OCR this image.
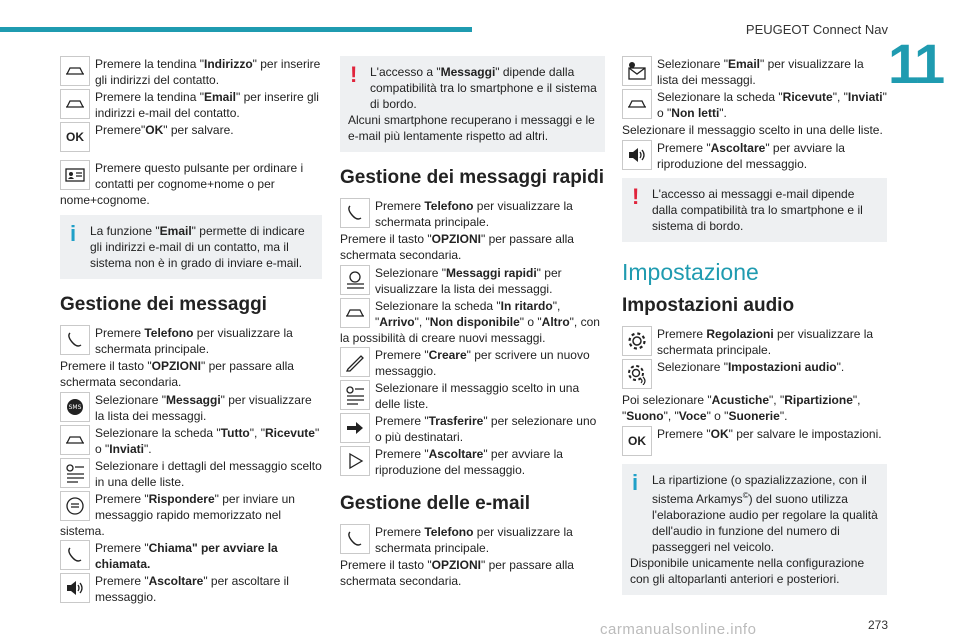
PEUGEOT Connect Nav
11
Premere la tendina "Indirizzo" per inserire gli indirizzi del contatto.
Premere la tendina "Email" per inserire gli indirizzi e-mail del contatto.
OK Premere"OK" per salvare.
Premere questo pulsante per ordinare i contatti per cognome+nome o per nome+cognome.
i	La funzione "Email" permette di indicare gli indirizzi e-mail di un contatto, ma il sistema non è in grado di inviare e-mail.
Gestione dei messaggi
Premere Telefono per visualizzare la schermata principale.
Premere il tasto "OPZIONI" per passare alla schermata secondaria.
SMS
Selezionare "Messaggi" per visualizzare la lista dei messaggi.
Selezionare la scheda "Tutto", "Ricevute" o "Inviati".
Selezionare i dettagli del messaggio scelto in una delle liste.
Premere "Rispondere" per inviare un messaggio rapido memorizzato nel sistema.
Premere "Chiama" per avviare la chiamata.
Premere "Ascoltare" per ascoltare il messaggio.
!	L'accesso a "Messaggi" dipende dalla compatibilità tra lo smartphone e il sistema di bordo.
Alcuni smartphone recuperano i messaggi e le e-mail più lentamente rispetto ad altri.
Gestione dei messaggi rapidi
Premere Telefono per visualizzare la schermata principale.
Premere il tasto "OPZIONI" per passare alla schermata secondaria.
Selezionare "Messaggi rapidi" per visualizzare la lista dei messaggi.
Selezionare la scheda "In ritardo", "Arrivo", "Non disponibile" o "Altro", con la possibilità di creare nuovi messaggi.
Premere "Creare" per scrivere un nuovo messaggio.
Selezionare il messaggio scelto in una delle liste.
Premere "Trasferire" per selezionare uno o più destinatari.
Premere "Ascoltare" per avviare la riproduzione del messaggio.
Gestione delle e-mail
Premere Telefono per visualizzare la schermata principale.
Premere il tasto "OPZIONI" per passare alla schermata secondaria.
Selezionare "Email" per visualizzare la lista dei messaggi.
Selezionare la scheda "Ricevute", "Inviati" o "Non letti".
Selezionare il messaggio scelto in una delle liste.
Premere "Ascoltare" per avviare la riproduzione del messaggio.
!	L'accesso ai messaggi e-mail dipende dalla compatibilità tra lo smartphone e il sistema di bordo.
Impostazione
Impostazioni audio
Premere Regolazioni per visualizzare la schermata principale.
Selezionare "Impostazioni audio".
Poi selezionare "Acustiche", "Ripartizione", "Suono", "Voce" o "Suonerie".
OK Premere "OK" per salvare le impostazioni.
i	La ripartizione (o spazializzazione, con il sistema Arkamys©) del suono utilizza l'elaborazione audio per regolare la qualità dell'audio in funzione del numero di passeggeri nel veicolo.
Disponibile unicamente nella configurazione con gli altoparlanti anteriori e posteriori.
carmanualsonline.info	273
